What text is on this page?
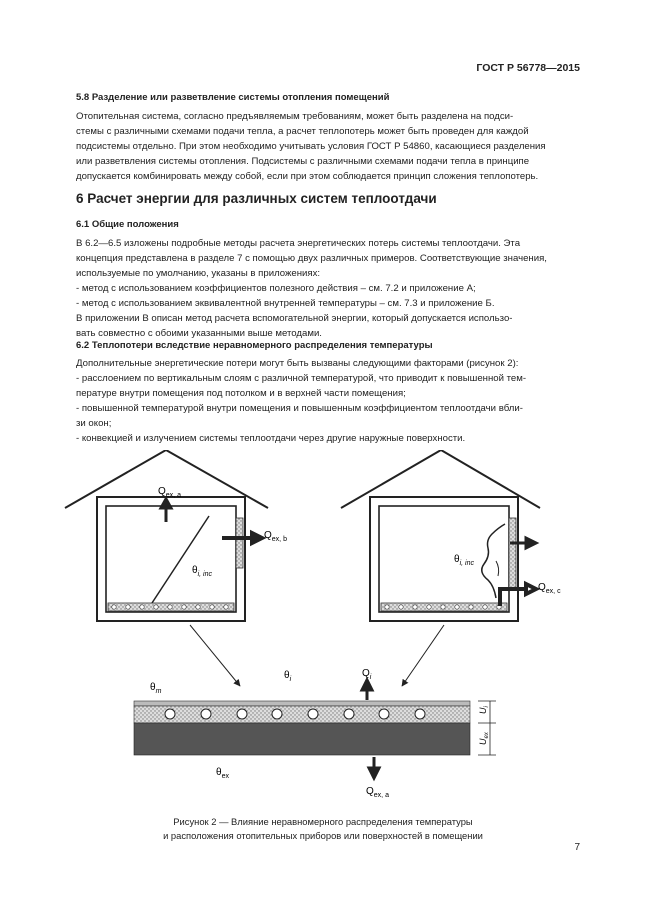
ГОСТ Р 56778—2015
5.8 Разделение или разветвление системы отопления помещений
Отопительная система, согласно предъявляемым требованиям, может быть разделена на подси-
стемы с различными схемами подачи тепла, а расчет теплопотерь может быть проведен для каждой
подсистемы отдельно. При этом необходимо учитывать условия ГОСТ Р 54860, касающиеся разделения
или разветвления системы отопления. Подсистемы с различными схемами подачи тепла в принципе
допускается комбинировать между собой, если при этом соблюдается принцип сложения теплопотерь.
6 Расчет энергии для различных систем теплоотдачи
6.1 Общие положения
В 6.2—6.5 изложены подробные методы расчета энергетических потерь системы теплоотдачи. Эта
концепция представлена в разделе 7 с помощью двух различных примеров. Соответствующие значения,
используемые по умолчанию, указаны в приложениях:
- метод с использованием коэффициентов полезного действия – см. 7.2 и приложение А;
- метод с использованием эквивалентной внутренней температуры – см. 7.3 и приложение Б.
В приложении В описан метод расчета вспомогательной энергии, который допускается использо-
вать совместно с обоими указанными выше методами.
6.2 Теплопотери вследствие неравномерного распределения температуры
Дополнительные энергетические потери могут быть вызваны следующими факторами (рисунок 2):
- расслоением по вертикальным слоям с различной температурой, что приводит к повышенной тем-
пературе внутри помещения под потолком и в верхней части помещения;
- повышенной температурой внутри помещения и повышенным коэффициентом теплоотдачи вбли-
зи окон;
- конвекцией и излучением системы теплоотдачи через другие наружные поверхности.
$Q_{ex, a}$
$Q_{ex, b}$
$\theta_{i, inc}$
$\theta_{i, inc}$
$Q_{ex, c}$
$\theta_m$
$\theta_i$
$Q_i$
$U_i$
$U_{ex}$
$\theta_{ex}$
$Q_{ex, a}$
Рисунок 2 — Влияние неравномерного распределения температуры
и расположения отопительных приборов или поверхностей в помещении
7
